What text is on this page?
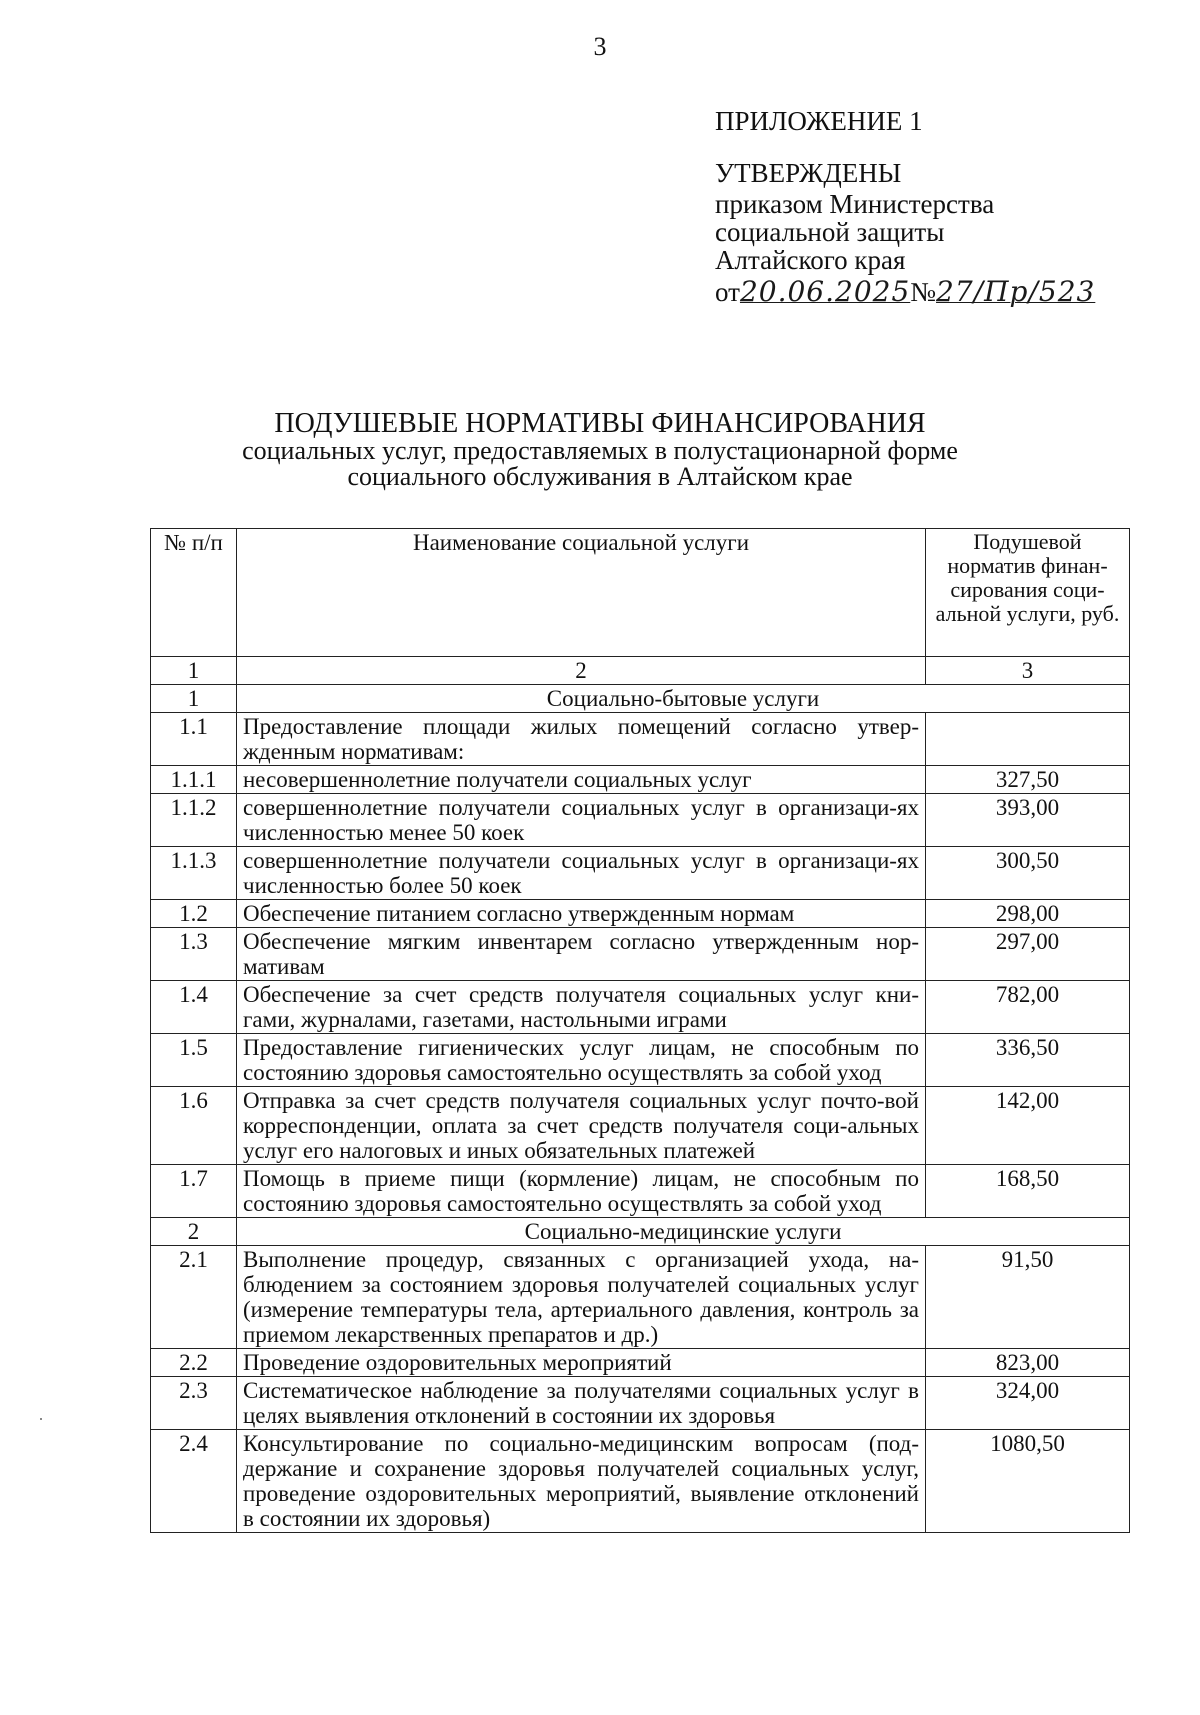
3
ПРИЛОЖЕНИЕ 1
УТВЕРЖДЕНЫ
приказом Министерства
социальной защиты
Алтайского края
от20.06.2025№27/Пр/523
ПОДУШЕВЫЕ НОРМАТИВЫ ФИНАНСИРОВАНИЯ
социальных услуг, предоставляемых в полустационарной форме
социального обслуживания в Алтайском крае
№ п/п	Наименование социальной услуги	Подушевой норматив финан-сирования соци-альной услуги, руб.
1	2	3
1	Социально-бытовые услуги	
1.1	Предоставление площади жилых помещений согласно утвер-жденным нормативам:	
1.1.1	несовершеннолетние получатели социальных услуг	327,50
1.1.2	совершеннолетние получатели социальных услуг в организаци-ях численностью менее 50 коек	393,00
1.1.3	совершеннолетние получатели социальных услуг в организаци-ях численностью более 50 коек	300,50
1.2	Обеспечение питанием согласно утвержденным нормам	298,00
1.3	Обеспечение мягким инвентарем согласно утвержденным нор-мативам	297,00
1.4	Обеспечение за счет средств получателя социальных услуг кни-гами, журналами, газетами, настольными играми	782,00
1.5	Предоставление гигиенических услуг лицам, не способным по состоянию здоровья самостоятельно осуществлять за собой уход	336,50
1.6	Отправка за счет средств получателя социальных услуг почто-вой корреспонденции, оплата за счет средств получателя соци-альных услуг его налоговых и иных обязательных платежей	142,00
1.7	Помощь в приеме пищи (кормление) лицам, не способным по состоянию здоровья самостоятельно осуществлять за собой уход	168,50
2	Социально-медицинские услуги	
2.1	Выполнение процедур, связанных с организацией ухода, на-блюдением за состоянием здоровья получателей социальных услуг (измерение температуры тела, артериального давления, контроль за приемом лекарственных препаратов и др.)	91,50
2.2	Проведение оздоровительных мероприятий	823,00
2.3	Систематическое наблюдение за получателями социальных услуг в целях выявления отклонений в состоянии их здоровья	324,00
2.4	Консультирование по социально-медицинским вопросам (под-держание и сохранение здоровья получателей социальных услуг, проведение оздоровительных мероприятий, выявление отклонений в состоянии их здоровья)	1080,50
